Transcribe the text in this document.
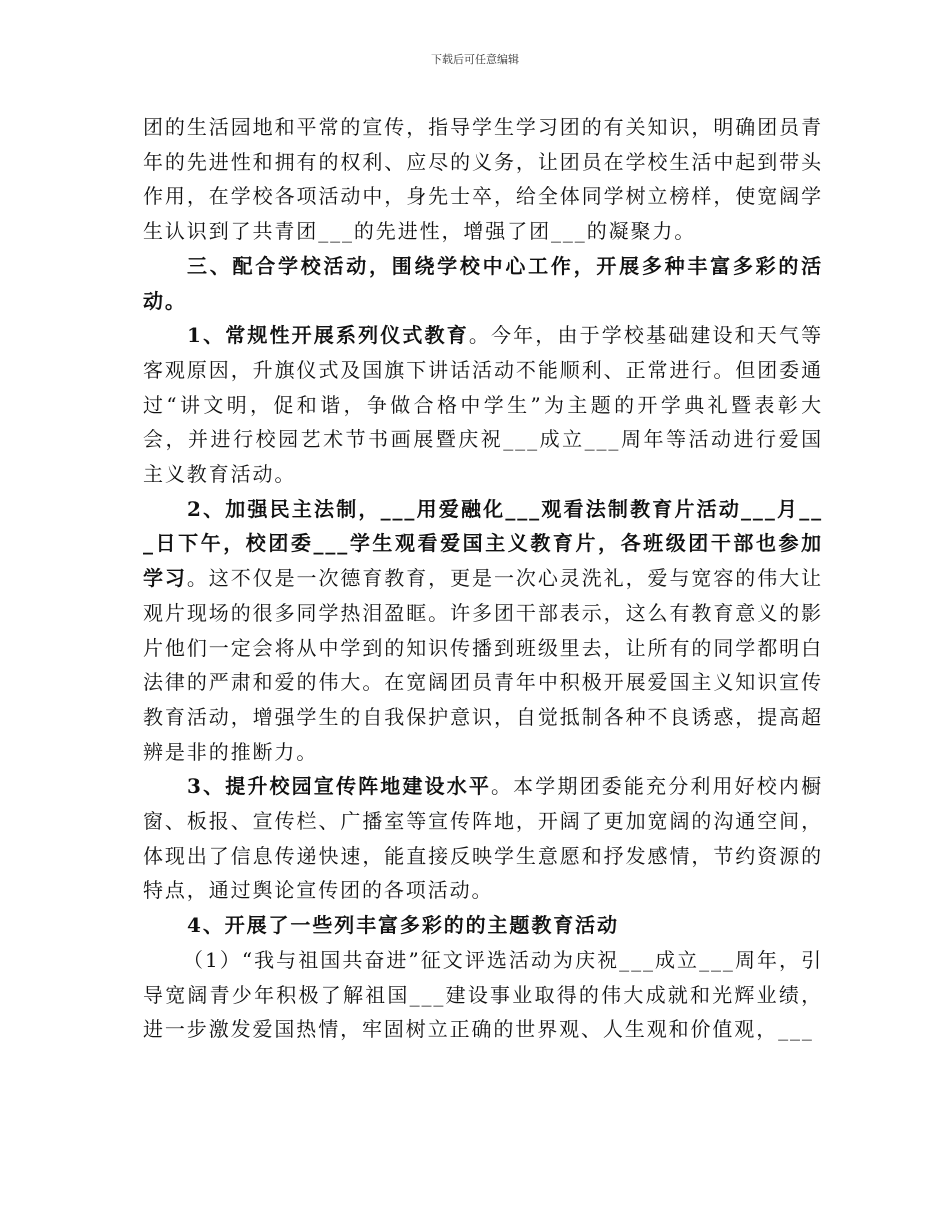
下载后可任意编辑

团的生活园地和平常的宣传，指导学生学习团的有关知识，明确团员青年的先进性和拥有的权利、应尽的义务，让团员在学校生活中起到带头作用，在学校各项活动中，身先士卒，给全体同学树立榜样，使宽阔学生认识到了共青团___的先进性，增强了团___的凝聚力。

三、配合学校活动，围绕学校中心工作，开展多种丰富多彩的活动。

1、常规性开展系列仪式教育。今年，由于学校基础建设和天气等客观原因，升旗仪式及国旗下讲话活动不能顺利、正常进行。但团委通过“讲文明，促和谐，争做合格中学生”为主题的开学典礼暨表彰大会，并进行校园艺术节书画展暨庆祝___成立___周年等活动进行爱国主义教育活动。

2、加强民主法制，___用爱融化___观看法制教育片活动___月___日下午，校团委___学生观看爱国主义教育片，各班级团干部也参加学习。这不仅是一次德育教育，更是一次心灵洗礼，爱与宽容的伟大让观片现场的很多同学热泪盈眶。许多团干部表示，这么有教育意义的影片他们一定会将从中学到的知识传播到班级里去，让所有的同学都明白法律的严肃和爱的伟大。在宽阔团员青年中积极开展爱国主义知识宣传教育活动，增强学生的自我保护意识，自觉抵制各种不良诱惑，提高超辨是非的推断力。

3、提升校园宣传阵地建设水平。本学期团委能充分利用好校内橱窗、板报、宣传栏、广播室等宣传阵地，开阔了更加宽阔的沟通空间，体现出了信息传递快速，能直接反映学生意愿和抒发感情，节约资源的特点，通过舆论宣传团的各项活动。

4、开展了一些列丰富多彩的的主题教育活动

（1）“我与祖国共奋进”征文评选活动为庆祝___成立___周年，引导宽阔青少年积极了解祖国___建设事业取得的伟大成就和光辉业绩，进一步激发爱国热情，牢固树立正确的世界观、人生观和价值观，___
